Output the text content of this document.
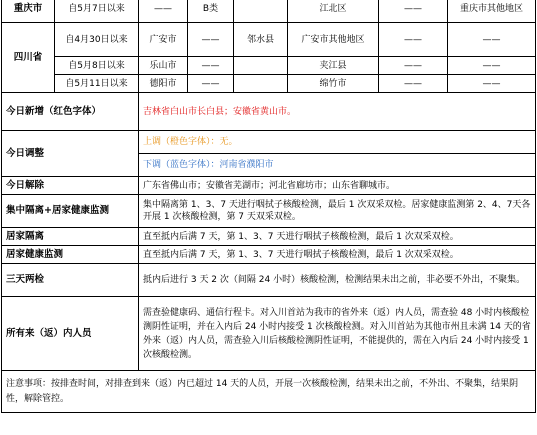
重庆市	自5月7日以来	——	B类		江北区	——	重庆市其他地区
四川省	自4月30日以来	广安市	——	邻水县	广安市其他地区	——	——
	自5月8日以来	乐山市	——		夹江县	——	——
	自5月11日以来	德阳市	——		绵竹市	——	——
今日新增（红色字体）	吉林省白山市长白县；安徽省黄山市。
今日调整	上调（橙色字体）：无。
	下调（蓝色字体）：河南省濮阳市
今日解除	广东省佛山市；安徽省芜湖市；河北省廊坊市；山东省聊城市。
集中隔离+居家健康监测	集中隔离第 1、3、7 天进行咽拭子核酸检测，最后 1 次双采双检。居家健康监测第 2、4、7天各开展 1 次核酸检测，第 7 天双采双检。
居家隔离	直至抵内后满 7 天，第 1、3、7 天进行咽拭子核酸检测，最后 1 次双采双检。
居家健康监测	直至抵内后满 7 天，第 1、3、7 天进行咽拭子核酸检测，最后 1 次双采双检。
三天两检	抵内后进行 3 天 2 次（间隔 24 小时）核酸检测，检测结果未出之前，非必要不外出，不聚集。
所有来（返）内人员	需查验健康码、通信行程卡。对入川首站为我市的省外来（返）内人员，需查验 48 小时内核酸检测阴性证明，并在入内后 24 小时内接受 1 次核酸检测。对入川首站为其他市州且未满 14 天的省外来（返）内人员，需查验入川后核酸检测阴性证明，不能提供的，需在入内后 24 小时内接受 1 次核酸检测。
注意事项：按排查时间，对排查到来（返）内已超过 14 天的人员，开展一次核酸检测，结果未出之前，不外出、不聚集，结果阴性，解除管控。	
